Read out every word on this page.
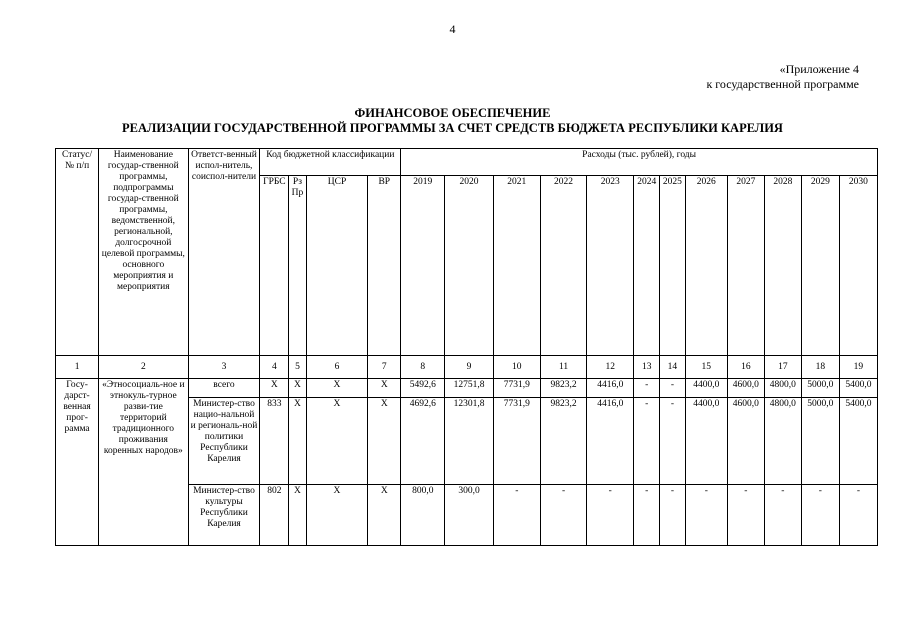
4
«Приложение 4
к государственной программе
ФИНАНСОВОЕ ОБЕСПЕЧЕНИЕ
РЕАЛИЗАЦИИ ГОСУДАРСТВЕННОЙ ПРОГРАММЫ ЗА СЧЕТ СРЕДСТВ БЮДЖЕТА РЕСПУБЛИКИ КАРЕЛИЯ
Статус/ № п/п	Наименование государ-ственной программы, подпрограммы государ-ственной программы, ведомственной, региональной, долгосрочной целевой программы, основного мероприятия и мероприятия	Ответст-венный испол-нитель, соиспол-нители	Код бюджетной классификации				Расходы (тыс. рублей), годы											
			ГРБС	Рз Пр	ЦСР	ВР	2019	2020	2021	2022	2023	2024	2025	2026	2027	2028	2029	2030
1	2	3	4	5	6	7	8	9	10	11	12	13	14	15	16	17	18	19
Госу-дарст-венная прог-рамма	«Этносоциаль-ное и этнокуль-турное разви-тие территорий традиционного проживания коренных народов»	всего	Х	Х	Х	Х	5492,6	12751,8	7731,9	9823,2	4416,0	-	-	4400,0	4600,0	4800,0	5000,0	5400,0
		Министер-ство нацио-нальной и региональ-ной политики Республики Карелия	833	Х	Х	Х	4692,6	12301,8	7731,9	9823,2	4416,0	-	-	4400,0	4600,0	4800,0	5000,0	5400,0
		Министер-ство культуры Республики Карелия	802	Х	Х	Х	800,0	300,0	-	-	-	-	-	-	-	-	-	-
